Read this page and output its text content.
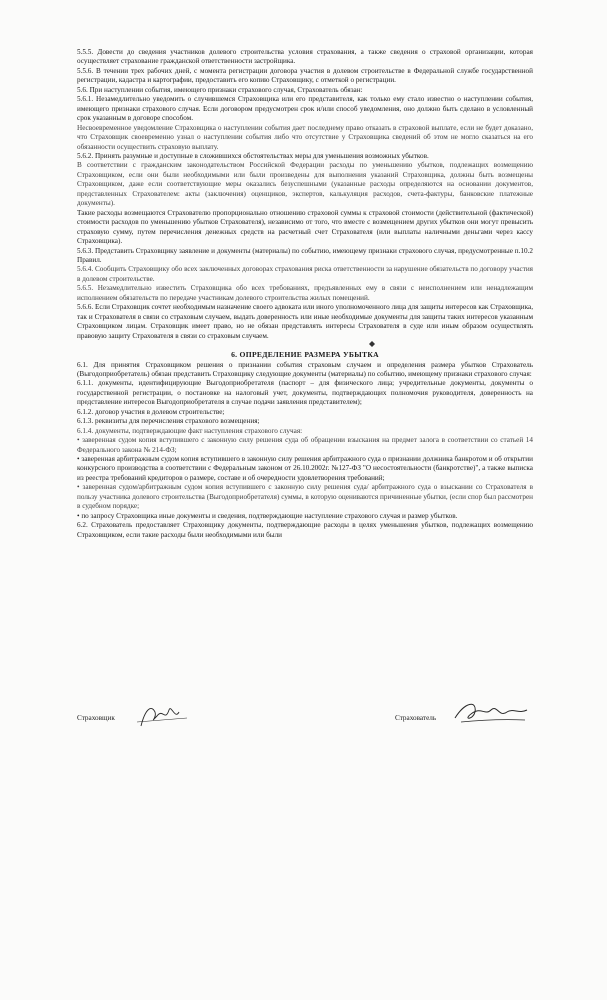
5.5.5. Довести до сведения участников долевого строительства условия страхования, а также сведения о страховой организации, которая осуществляет страхование гражданской ответственности застройщика.

5.5.6. В течении трех рабочих дней, с момента регистрации договора участия в долевом строительстве в Федеральной службе государственной регистрации, кадастра и картографии, предоставить его копию Страховщику, с отметкой о регистрации.

5.6. При наступлении события, имеющего признаки страхового случая, Страхователь обязан:

5.6.1. Незамедлительно уведомить о случившемся Страховщика или его представителя, как только ему стало известно о наступлении события, имеющего признаки страхового случая. Если договором предусмотрен срок и/или способ уведомления, оно должно быть сделано в условленный срок указанным в договоре способом.

Несвоевременное уведомление Страховщика о наступлении события дает последнему право отказать в страховой выплате, если не будет доказано, что Страховщик своевременно узнал о наступлении события либо что отсутствие у Страховщика сведений об этом не могло сказаться на его обязанности осуществить страховую выплату.

5.6.2. Принять разумные и доступные в сложившихся обстоятельствах меры для уменьшения возможных убытков.

В соответствии с гражданским законодательством Российской Федерации расходы по уменьшению убытков, подлежащих возмещению Страховщиком, если они были необходимыми или были произведены для выполнения указаний Страховщика, должны быть возмещены Страховщиком, даже если соответствующие меры оказались безуспешными (указанные расходы определяются на основании документов, представленных Страхователем: акты (заключения) оценщиков, экспертов, калькуляция расходов, счета-фактуры, банковские платежные документы).

Такие расходы возмещаются Страхователю пропорционально отношению страховой суммы к страховой стоимости (действительной (фактической) стоимости расходов по уменьшению убытков Страхователя), независимо от того, что вместе с возмещением других убытков они могут превысить страховую сумму, путем перечисления денежных средств на расчетный счет Страхователя (или выплаты наличными деньгами через кассу Страховщика).

5.6.3. Представить Страховщику заявление и документы (материалы) по событию, имеющему признаки страхового случая, предусмотренные п.10.2 Правил.

5.6.4. Сообщить Страховщику обо всех заключенных договорах страхования риска ответственности за нарушение обязательств по договору участия в долевом строительстве.

5.6.5. Незамедлительно известить Страховщика обо всех требованиях, предъявленных ему в связи с неисполнением или ненадлежащим исполнением обязательств по передаче участникам долевого строительства жилых помещений.

5.6.6. Если Страховщик сочтет необходимым назначение своего адвоката или иного уполномоченного лица для защиты интересов как Страховщика, так и Страхователя в связи со страховым случаем, выдать доверенность или иные необходимые документы для защиты таких интересов указанным Страховщиком лицам. Страховщик имеет право, но не обязан представлять интересы Страхователя в суде или иным образом осуществлять правовую защиту Страхователя в связи со страховым случаем.

6. ОПРЕДЕЛЕНИЕ РАЗМЕРА УБЫТКА

6.1. Для принятия Страховщиком решения о признании события страховым случаем и определения размера убытков Страхователь (Выгодоприобретатель) обязан представить Страховщику следующие документы (материалы) по событию, имеющему признаки страхового случая:

6.1.1. документы, идентифицирующие Выгодоприобретателя (паспорт – для физического лица; учредительные документы, документы о государственной регистрации, о постановке на налоговый учет, документы, подтверждающих полномочия руководителя, доверенность на представление интересов Выгодоприобретателя в случае подачи заявления представителем);

6.1.2. договор участия в долевом строительстве;

6.1.3. реквизиты для перечисления страхового возмещения;

6.1.4. документы, подтверждающие факт наступления страхового случая:

• заверенная судом копия вступившего с законную силу решения суда об обращении взыскания на предмет залога в соответствии со статьей 14 Федерального закона № 214-ФЗ;

• заверенная арбитражным судом копия вступившего в законную силу решения арбитражного суда о признании должника банкротом и об открытии конкурсного производства в соответствии с Федеральным законом от 26.10.2002г. №127-ФЗ "О несостоятельности (банкротстве)", а также выписка из реестра требований кредиторов о размере, составе и об очередности удовлетворения требований;

• заверенная судом/арбитражным судом копия вступившего с законную силу решения суда/ арбитражного суда о взыскании со Страхователя в пользу участника долевого строительства (Выгодоприобретателя) суммы, в которую оцениваются причиненные убытки, (если спор был рассмотрен в судебном порядке;

• по запросу Страховщика иные документы и сведения, подтверждающие наступление страхового случая и размер убытков.

6.2. Страхователь предоставляет Страховщику документы, подтверждающие расходы в целях уменьшения убытков, подлежащих возмещению Страховщиком, если такие расходы были необходимыми или были

Страховщик	Страхователь
